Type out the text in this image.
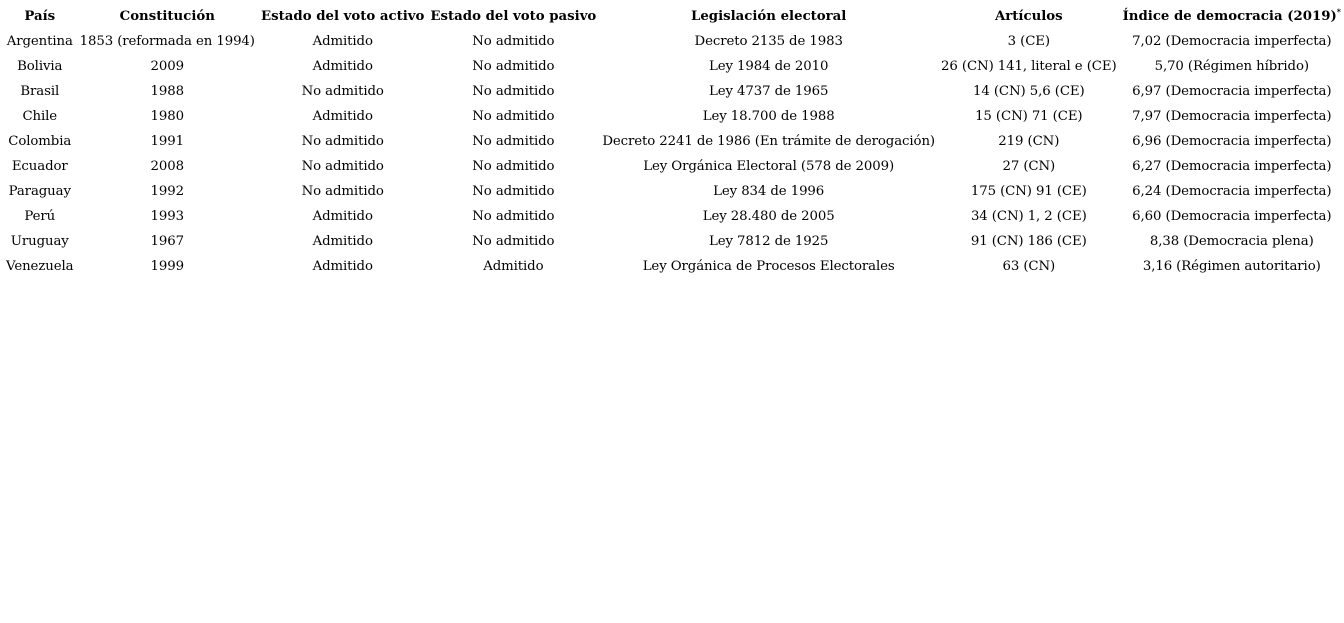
País	Constitución	Estado del voto activo	Estado del voto pasivo	Legislación electoral	Artículos	Índice de democracia (2019)*
Argentina	1853 (reformada en 1994)	Admitido	No admitido	Decreto 2135 de 1983	3 (CE)	7,02 (Democracia imperfecta)
Bolivia	2009	Admitido	No admitido	Ley 1984 de 2010	26 (CN) 141, literal e (CE)	5,70 (Régimen híbrido)
Brasil	1988	No admitido	No admitido	Ley 4737 de 1965	14 (CN) 5,6 (CE)	6,97 (Democracia imperfecta)
Chile	1980	Admitido	No admitido	Ley 18.700 de 1988	15 (CN) 71 (CE)	7,97 (Democracia imperfecta)
Colombia	1991	No admitido	No admitido	Decreto 2241 de 1986 (En trámite de derogación)	219 (CN)	6,96 (Democracia imperfecta)
Ecuador	2008	No admitido	No admitido	Ley Orgánica Electoral (578 de 2009)	27 (CN)	6,27 (Democracia imperfecta)
Paraguay	1992	No admitido	No admitido	Ley 834 de 1996	175 (CN) 91 (CE)	6,24 (Democracia imperfecta)
Perú	1993	Admitido	No admitido	Ley 28.480 de 2005	34 (CN) 1, 2 (CE)	6,60 (Democracia imperfecta)
Uruguay	1967	Admitido	No admitido	Ley 7812 de 1925	91 (CN) 186 (CE)	8,38 (Democracia plena)
Venezuela	1999	Admitido	Admitido	Ley Orgánica de Procesos Electorales	63 (CN)	3,16 (Régimen autoritario)
